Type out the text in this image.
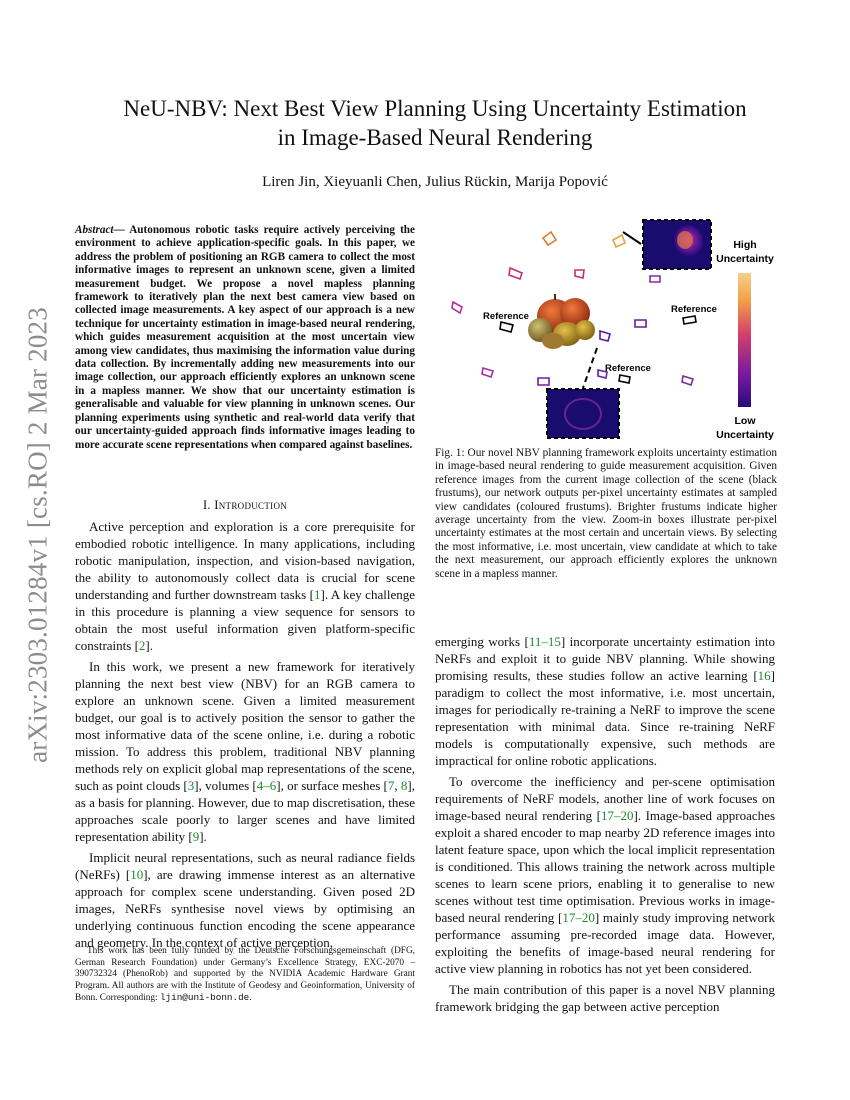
arXiv:2303.01284v1 [cs.RO] 2 Mar 2023
NeU-NBV: Next Best View Planning Using Uncertainty Estimation
in Image-Based Neural Rendering
Liren Jin, Xieyuanli Chen, Julius Rückin, Marija Popović
Abstract— Autonomous robotic tasks require actively perceiving the environment to achieve application-specific goals. In this paper, we address the problem of positioning an RGB camera to collect the most informative images to represent an unknown scene, given a limited measurement budget. We propose a novel mapless planning framework to iteratively plan the next best camera view based on collected image measurements. A key aspect of our approach is a new technique for uncertainty estimation in image-based neural rendering, which guides measurement acquisition at the most uncertain view among view candidates, thus maximising the information value during data collection. By incrementally adding new measurements into our image collection, our approach efficiently explores an unknown scene in a mapless manner. We show that our uncertainty estimation is generalisable and valuable for view planning in unknown scenes. Our planning experiments using synthetic and real-world data verify that our uncertainty-guided approach finds informative images leading to more accurate scene representations when compared against baselines.
I. Introduction

Active perception and exploration is a core prerequisite for embodied robotic intelligence. In many applications, including robotic manipulation, inspection, and vision-based navigation, the ability to autonomously collect data is crucial for scene understanding and further downstream tasks [1]. A key challenge in this procedure is planning a view sequence for sensors to obtain the most useful information given platform-specific constraints [2].

In this work, we present a new framework for iteratively planning the next best view (NBV) for an RGB camera to explore an unknown scene. Given a limited measurement budget, our goal is to actively position the sensor to gather the most informative data of the scene online, i.e. during a robotic mission. To address this problem, traditional NBV planning methods rely on explicit global map representations of the scene, such as point clouds [3], volumes [4–6], or surface meshes [7, 8], as a basis for planning. However, due to map discretisation, these approaches scale poorly to larger scenes and have limited representation ability [9].

Implicit neural representations, such as neural radiance fields (NeRFs) [10], are drawing immense interest as an alternative approach for complex scene understanding. Given posed 2D images, NeRFs synthesise novel views by optimising an underlying continuous function encoding the scene appearance and geometry. In the context of active perception,

This work has been fully funded by the Deutsche Forschungsgemeinschaft (DFG, German Research Foundation) under Germany’s Excellence Strategy, EXC-2070 – 390732324 (PhenoRob) and supported by the NVIDIA Academic Hardware Grant Program. All authors are with the Institute of Geodesy and Geoinformation, University of Bonn. Corresponding: ljin@uni-bonn.de.

High
Uncertainty
Low
Uncertainty
Reference
Reference
Reference
Fig. 1: Our novel NBV planning framework exploits uncertainty estimation in image-based neural rendering to guide measurement acquisition. Given reference images from the current image collection of the scene (black frustums), our network outputs per-pixel uncertainty estimates at sampled view candidates (coloured frustums). Brighter frustums indicate higher average uncertainty from the view. Zoom-in boxes illustrate per-pixel uncertainty estimates at the most certain and uncertain views. By selecting the most informative, i.e. most uncertain, view candidate at which to take the next measurement, our approach efficiently explores the unknown scene in a mapless manner.

emerging works [11–15] incorporate uncertainty estimation into NeRFs and exploit it to guide NBV planning. While showing promising results, these studies follow an active learning [16] paradigm to collect the most informative, i.e. most uncertain, images for periodically re-training a NeRF to improve the scene representation with minimal data. Since re-training NeRF models is computationally expensive, such methods are impractical for online robotic applications.

To overcome the inefficiency and per-scene optimisation requirements of NeRF models, another line of work focuses on image-based neural rendering [17–20]. Image-based approaches exploit a shared encoder to map nearby 2D reference images into latent feature space, upon which the local implicit representation is conditioned. This allows training the network across multiple scenes to learn scene priors, enabling it to generalise to new scenes without test time optimisation. Previous works in image-based neural rendering [17–20] mainly study improving network performance assuming pre-recorded image data. However, exploiting the benefits of image-based neural rendering for active view planning in robotics has not yet been considered.

The main contribution of this paper is a novel NBV planning framework bridging the gap between active perception
